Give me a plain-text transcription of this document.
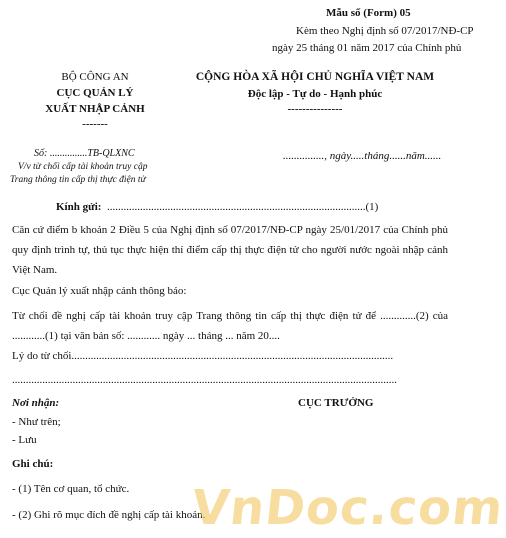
Mẫu số (Form) 05
Kèm theo Nghị định số 07/2017/NĐ-CP
ngày 25 tháng 01 năm 2017 của Chính phủ
BỘ CÔNG AN
CỤC QUẢN LÝ
XUẤT NHẬP CẢNH
-------
CỘNG HÒA XÃ HỘI CHỦ NGHĨA VIỆT NAM
Độc lập - Tự do - Hạnh phúc
---------------
Số: ...............TB-QLXNC
V/v từ chối cấp tài khoản truy cập
Trang thông tin cấp thị thực điện tử
..............., ngày.....tháng......năm......
Kính gửi: ..............................................................................................(1)
Căn cứ điểm b khoản 2 Điều 5 của Nghị định số 07/2017/NĐ-CP ngày 25/01/2017 của Chính phủ quy định trình tự, thủ tục thực hiện thí điểm cấp thị thực điện tử cho người nước ngoài nhập cảnh Việt Nam.
Cục Quản lý xuất nhập cảnh thông báo:
Từ chối đề nghị cấp tài khoản truy cập Trang thông tin cấp thị thực điện tử để .............(2) của ............(1) tại văn bản số: ............ ngày ... tháng ... năm 20....
Lý do từ chối.....................................................................................................................
............................................................................................................................................
Nơi nhận:
- Như trên;
- Lưu
CỤC TRƯỞNG
Ghi chú:
- (1) Tên cơ quan, tổ chức.
- (2) Ghi rõ mục đích đề nghị cấp tài khoản.
VnDoc.com
